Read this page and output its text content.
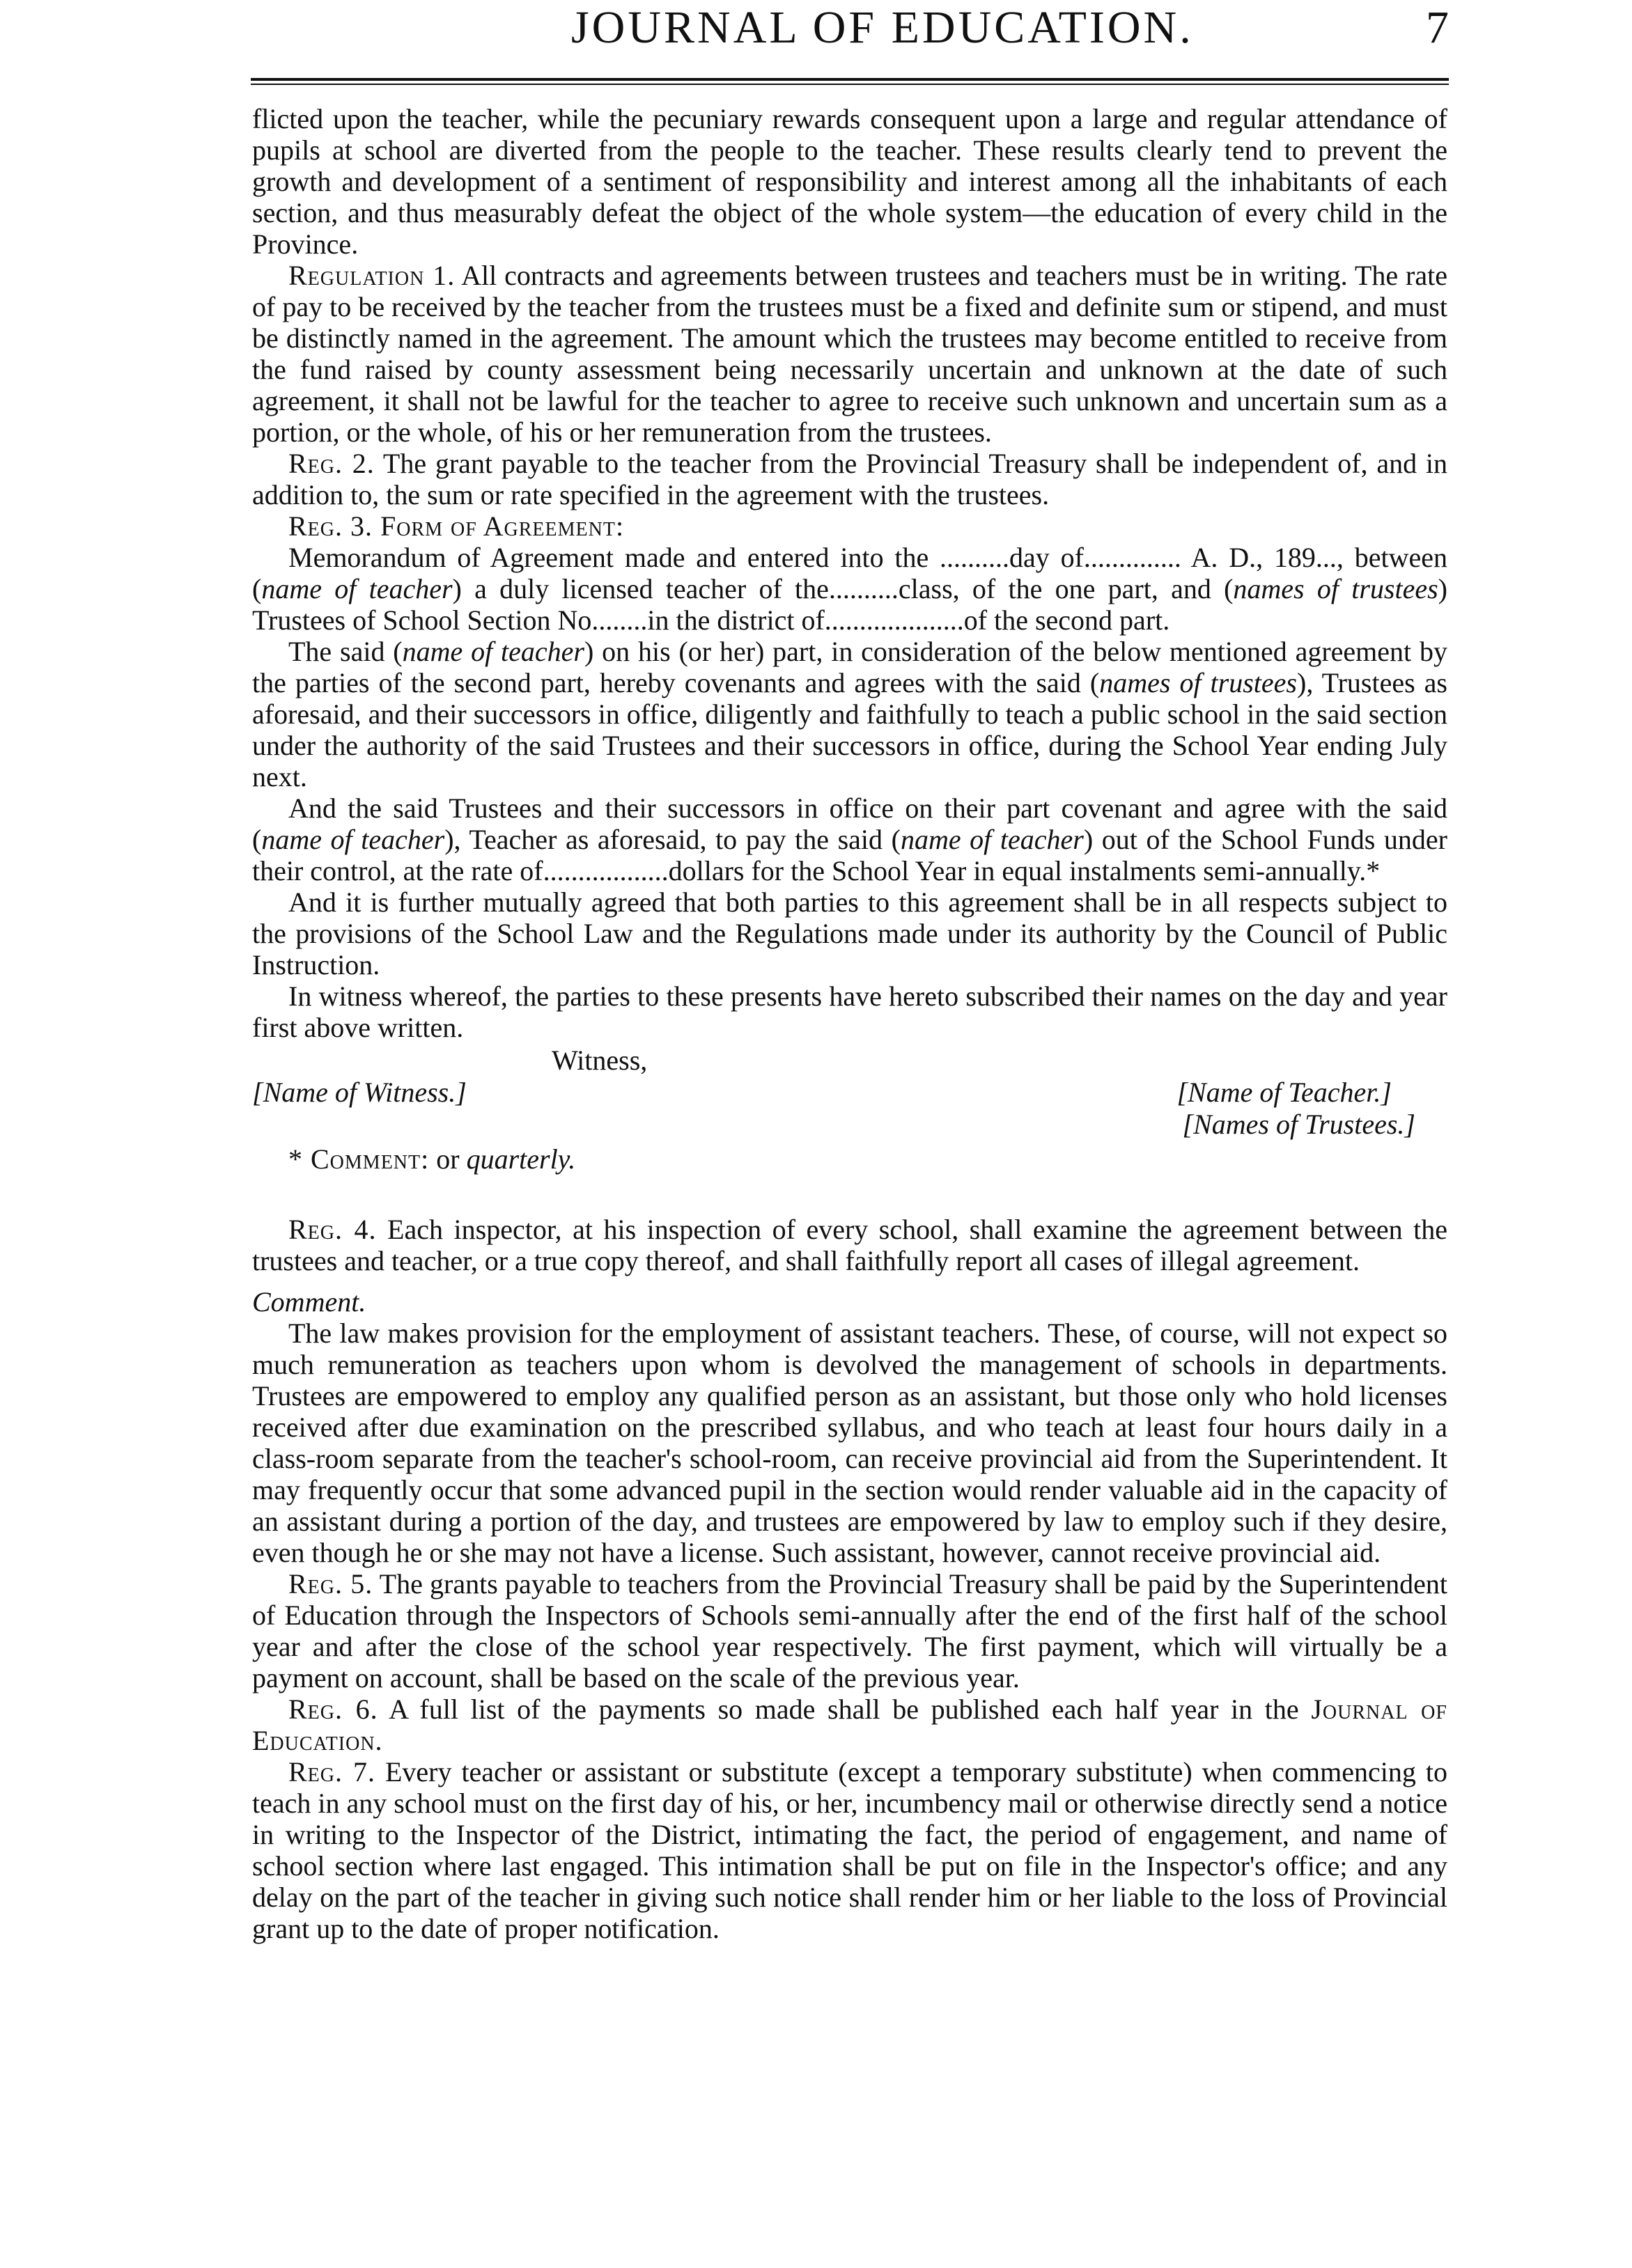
JOURNAL OF EDUCATION.	7

flicted upon the teacher, while the pecuniary rewards consequent upon a large and regular attendance of pupils at school are diverted from the people to the teacher. These results clearly tend to prevent the growth and development of a sentiment of responsibility and interest among all the inhabitants of each section, and thus measurably defeat the object of the whole system—the education of every child in the Province.

Regulation 1. All contracts and agreements between trustees and teachers must be in writing. The rate of pay to be received by the teacher from the trustees must be a fixed and definite sum or stipend, and must be distinctly named in the agreement. The amount which the trustees may become entitled to receive from the fund raised by county assessment being necessarily uncertain and unknown at the date of such agreement, it shall not be lawful for the teacher to agree to receive such unknown and uncertain sum as a portion, or the whole, of his or her remuneration from the trustees.

Reg. 2. The grant payable to the teacher from the Provincial Treasury shall be independent of, and in addition to, the sum or rate specified in the agreement with the trustees.

Reg. 3. Form of Agreement:

Memorandum of Agreement made and entered into the ..........day of.............. A. D., 189..., between (name of teacher) a duly licensed teacher of the..........class, of the one part, and (names of trustees) Trustees of School Section No........in the district of....................of the second part.

The said (name of teacher) on his (or her) part, in consideration of the below mentioned agreement by the parties of the second part, hereby covenants and agrees with the said (names of trustees), Trustees as aforesaid, and their successors in office, diligently and faithfully to teach a public school in the said section under the authority of the said Trustees and their successors in office, during the School Year ending July next.

And the said Trustees and their successors in office on their part covenant and agree with the said (name of teacher), Teacher as aforesaid, to pay the said (name of teacher) out of the School Funds under their control, at the rate of..................dollars for the School Year in equal instalments semi-annually.*

And it is further mutually agreed that both parties to this agreement shall be in all respects subject to the provisions of the School Law and the Regulations made under its authority by the Council of Public Instruction.

In witness whereof, the parties to these presents have hereto subscribed their names on the day and year first above written.

Witness,
[Name of Witness.]	[Name of Teacher.]
[Names of Trustees.]

* Comment: or quarterly.

Reg. 4. Each inspector, at his inspection of every school, shall examine the agreement between the trustees and teacher, or a true copy thereof, and shall faithfully report all cases of illegal agreement.

Comment.

The law makes provision for the employment of assistant teachers. These, of course, will not expect so much remuneration as teachers upon whom is devolved the management of schools in departments. Trustees are empowered to employ any qualified person as an assistant, but those only who hold licenses received after due examination on the prescribed syllabus, and who teach at least four hours daily in a class-room separate from the teacher's school-room, can receive provincial aid from the Superintendent. It may frequently occur that some advanced pupil in the section would render valuable aid in the capacity of an assistant during a portion of the day, and trustees are empowered by law to employ such if they desire, even though he or she may not have a license. Such assistant, however, cannot receive provincial aid.

Reg. 5. The grants payable to teachers from the Provincial Treasury shall be paid by the Superintendent of Education through the Inspectors of Schools semi-annually after the end of the first half of the school year and after the close of the school year respectively. The first payment, which will virtually be a payment on account, shall be based on the scale of the previous year.

Reg. 6. A full list of the payments so made shall be published each half year in the Journal of Education.

Reg. 7. Every teacher or assistant or substitute (except a temporary substitute) when commencing to teach in any school must on the first day of his, or her, incumbency mail or otherwise directly send a notice in writing to the Inspector of the District, intimating the fact, the period of engagement, and name of school section where last engaged. This intimation shall be put on file in the Inspector's office; and any delay on the part of the teacher in giving such notice shall render him or her liable to the loss of Provincial grant up to the date of proper notification.
